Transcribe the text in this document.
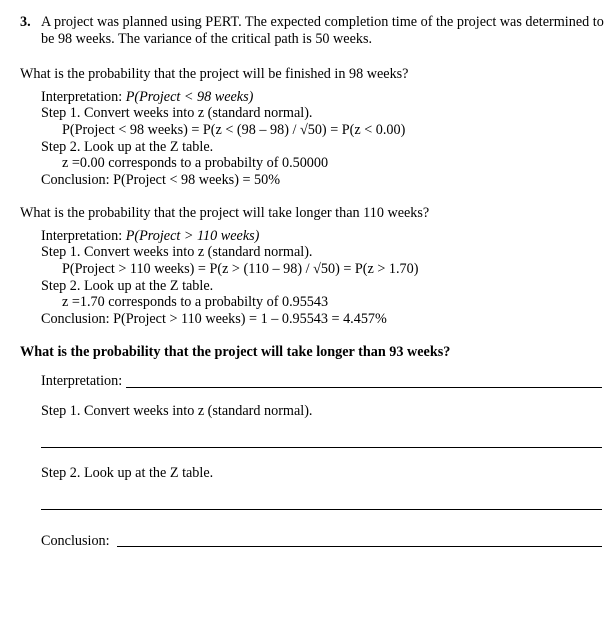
3. A project was planned using PERT. The expected completion time of the project was determined to
be 98 weeks. The variance of the critical path is 50 weeks.
What is the probability that the project will be finished in 98 weeks?
Interpretation: P(Project < 98 weeks)
Step 1. Convert weeks into z (standard normal).
P(Project < 98 weeks) = P(z < (98 – 98) / √50) = P(z < 0.00)
Step 2. Look up at the Z table.
z =0.00 corresponds to a probabilty of 0.50000
Conclusion: P(Project < 98 weeks) = 50%
What is the probability that the project will take longer than 110 weeks?
Interpretation: P(Project > 110 weeks)
Step 1. Convert weeks into z (standard normal).
P(Project > 110 weeks) = P(z > (110 – 98) / √50) = P(z > 1.70)
Step 2. Look up at the Z table.
z =1.70 corresponds to a probabilty of 0.95543
Conclusion: P(Project > 110 weeks) = 1 – 0.95543 = 4.457%
What is the probability that the project will take longer than 93 weeks?
Interpretation:
Step 1. Convert weeks into z (standard normal).
Step 2. Look up at the Z table.
Conclusion:
